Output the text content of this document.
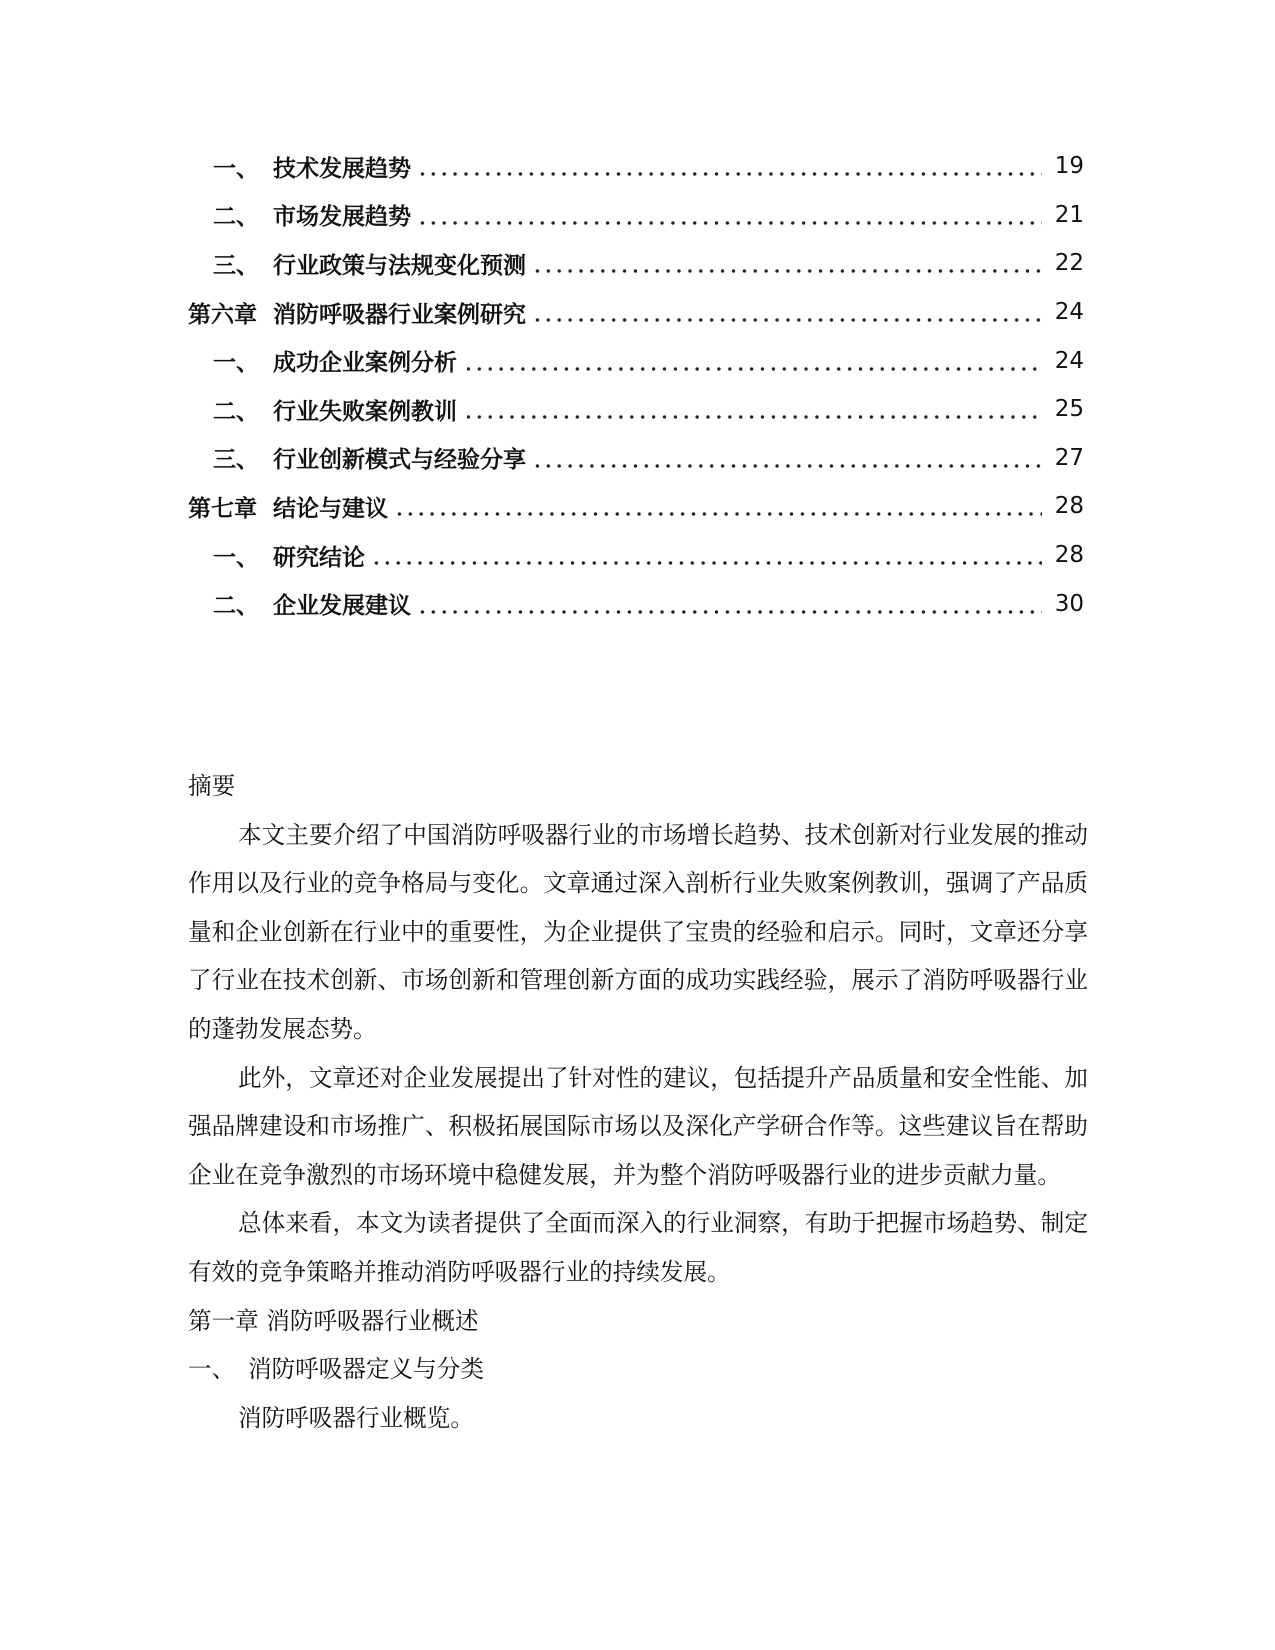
一、 技术发展趋势	19
二、 市场发展趋势	21
三、 行业政策与法规变化预测	22
第六章 消防呼吸器行业案例研究	24
一、 成功企业案例分析	24
二、 行业失败案例教训	25
三、 行业创新模式与经验分享	27
第七章 结论与建议	28
一、 研究结论	28
二、 企业发展建议	30

摘要

本文主要介绍了中国消防呼吸器行业的市场增长趋势、技术创新对行业发展的推动作用以及行业的竞争格局与变化。文章通过深入剖析行业失败案例教训，强调了产品质量和企业创新在行业中的重要性，为企业提供了宝贵的经验和启示。同时，文章还分享了行业在技术创新、市场创新和管理创新方面的成功实践经验，展示了消防呼吸器行业的蓬勃发展态势。

此外，文章还对企业发展提出了针对性的建议，包括提升产品质量和安全性能、加强品牌建设和市场推广、积极拓展国际市场以及深化产学研合作等。这些建议旨在帮助企业在竞争激烈的市场环境中稳健发展，并为整个消防呼吸器行业的进步贡献力量。

总体来看，本文为读者提供了全面而深入的行业洞察，有助于把握市场趋势、制定有效的竞争策略并推动消防呼吸器行业的持续发展。

第一章 消防呼吸器行业概述

一、 消防呼吸器定义与分类

消防呼吸器行业概览。
